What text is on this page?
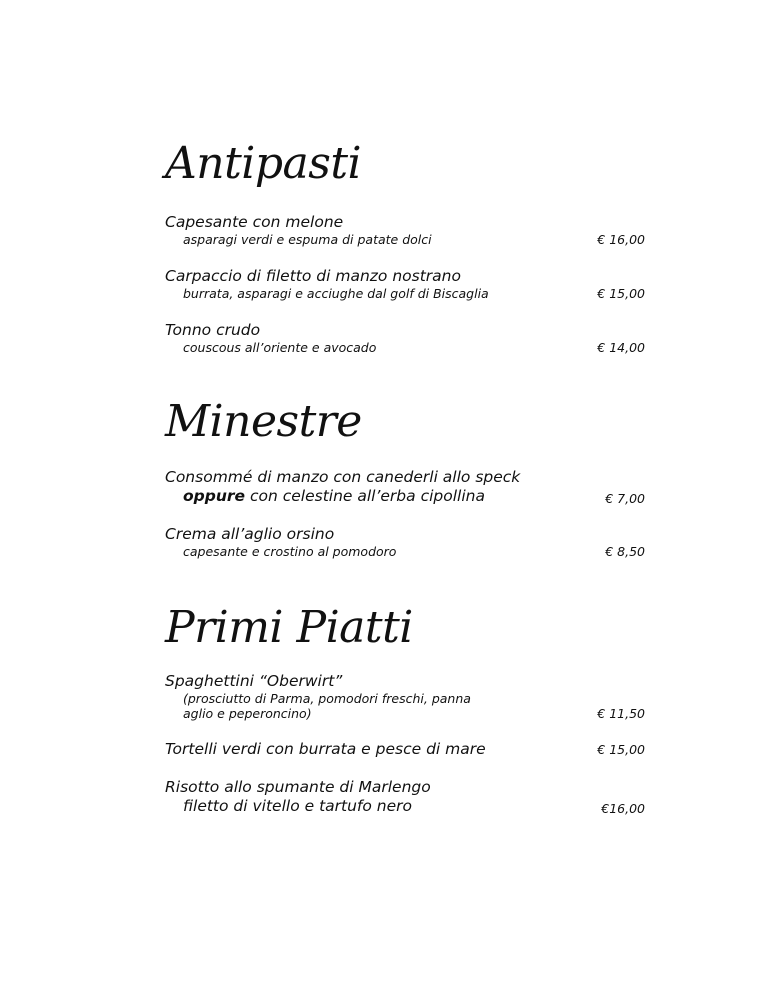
Antipasti
Capesante con melone
asparagi verdi e espuma di patate dolci	€ 16,00
Carpaccio di filetto di manzo nostrano
burrata, asparagi e acciughe dal golf di Biscaglia	€ 15,00
Tonno crudo
couscous all’oriente e avocado	€ 14,00
Minestre
Consommé di manzo con canederli allo speck
oppure con celestine all’erba cipollina	€ 7,00
Crema all’aglio orsino
capesante e crostino al pomodoro	€ 8,50
Primi Piatti
Spaghettini “Oberwirt”
(prosciutto di Parma, pomodori freschi, panna
aglio e peperoncino)	€ 11,50
Tortelli verdi con burrata e pesce di mare	€ 15,00
Risotto allo spumante di Marlengo
filetto di vitello e tartufo nero	€16,00
